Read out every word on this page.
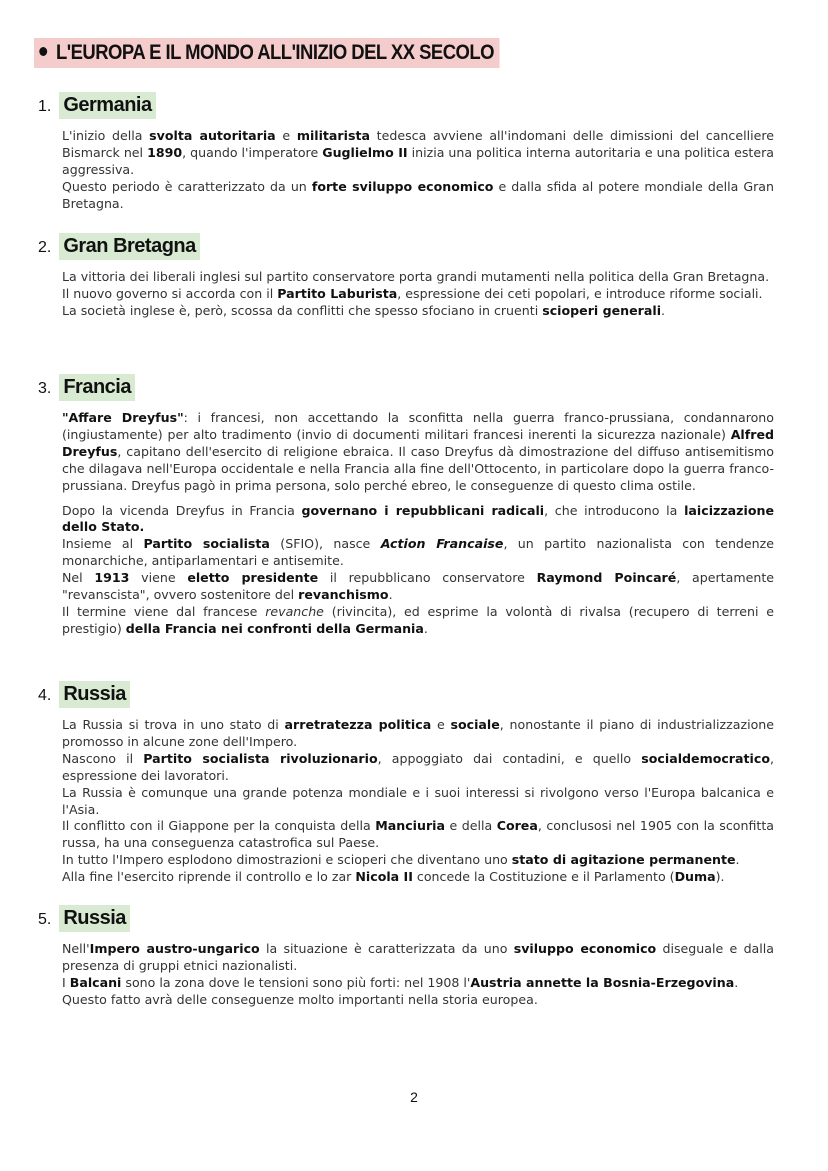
L'EUROPA E IL MONDO ALL'INIZIO DEL XX SECOLO
1. Germania

L'inizio della svolta autoritaria e militarista tedesca avviene all'indomani delle dimissioni del cancelliere Bismarck nel 1890, quando l'imperatore Guglielmo II inizia una politica interna autoritaria e una politica estera aggressiva.

Questo periodo è caratterizzato da un forte sviluppo economico e dalla sfida al potere mondiale della Gran Bretagna.

2. Gran Bretagna

La vittoria dei liberali inglesi sul partito conservatore porta grandi mutamenti nella politica della Gran Bretagna.

Il nuovo governo si accorda con il Partito Laburista, espressione dei ceti popolari, e introduce riforme sociali.

La società inglese è, però, scossa da conflitti che spesso sfociano in cruenti scioperi generali.

3. Francia

"Affare Dreyfus": i francesi, non accettando la sconfitta nella guerra franco-prussiana, condannarono (ingiustamente) per alto tradimento (invio di documenti militari francesi inerenti la sicurezza nazionale) Alfred Dreyfus, capitano dell'esercito di religione ebraica. Il caso Dreyfus dà dimostrazione del diffuso antisemitismo che dilagava nell'Europa occidentale e nella Francia alla fine dell'Ottocento, in particolare dopo la guerra franco-prussiana. Dreyfus pagò in prima persona, solo perché ebreo, le conseguenze di questo clima ostile.

Dopo la vicenda Dreyfus in Francia governano i repubblicani radicali, che introducono la laicizzazione dello Stato.

Insieme al Partito socialista (SFIO), nasce Action Francaise, un partito nazionalista con tendenze monarchiche, antiparlamentari e antisemite.

Nel 1913 viene eletto presidente il repubblicano conservatore Raymond Poincaré, apertamente "revanscista", ovvero sostenitore del revanchismo.

Il termine viene dal francese revanche (rivincita), ed esprime la volontà di rivalsa (recupero di terreni e prestigio) della Francia nei confronti della Germania.

4. Russia

La Russia si trova in uno stato di arretratezza politica e sociale, nonostante il piano di industrializzazione promosso in alcune zone dell'Impero.

Nascono il Partito socialista rivoluzionario, appoggiato dai contadini, e quello socialdemocratico, espressione dei lavoratori.

La Russia è comunque una grande potenza mondiale e i suoi interessi si rivolgono verso l'Europa balcanica e l'Asia.

Il conflitto con il Giappone per la conquista della Manciuria e della Corea, conclusosi nel 1905 con la sconfitta russa, ha una conseguenza catastrofica sul Paese.

In tutto l'Impero esplodono dimostrazioni e scioperi che diventano uno stato di agitazione permanente.

Alla fine l'esercito riprende il controllo e lo zar Nicola II concede la Costituzione e il Parlamento (Duma).

5. Russia

Nell'Impero austro-ungarico la situazione è caratterizzata da uno sviluppo economico diseguale e dalla presenza di gruppi etnici nazionalisti.

I Balcani sono la zona dove le tensioni sono più forti: nel 1908 l'Austria annette la Bosnia-Erzegovina.

Questo fatto avrà delle conseguenze molto importanti nella storia europea.

2
